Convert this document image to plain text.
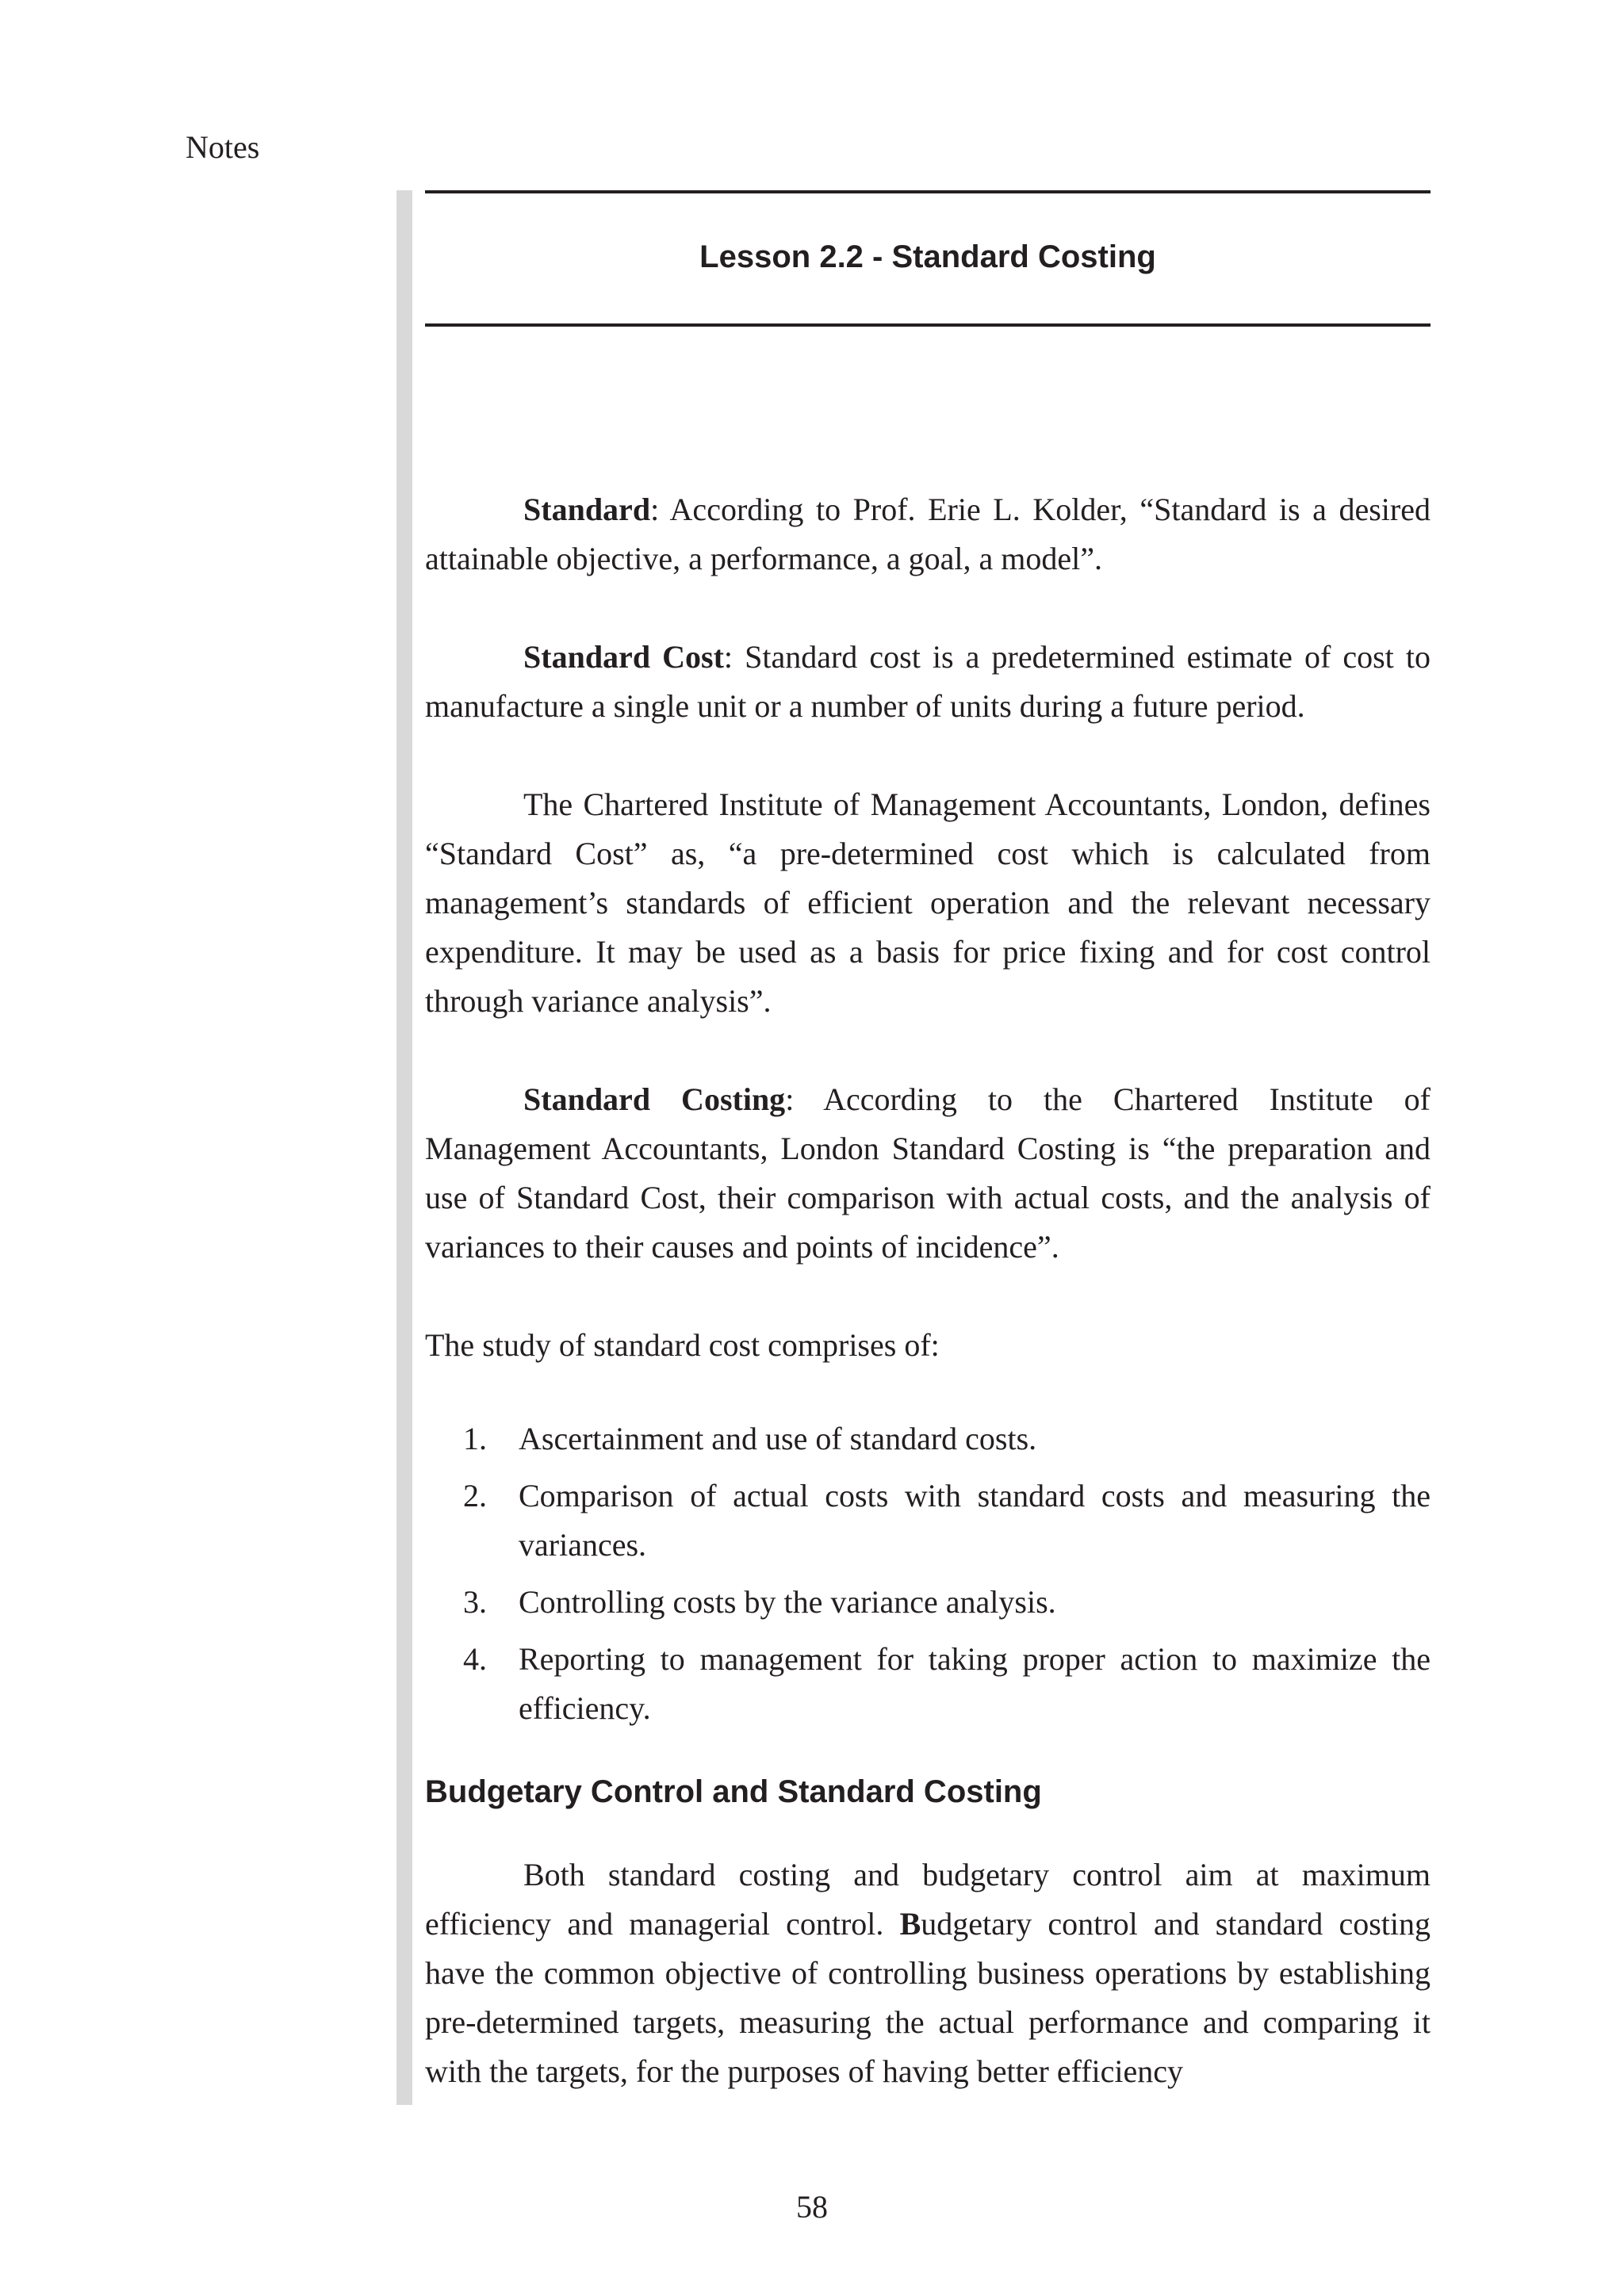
Notes
Lesson 2.2 - Standard Costing

Standard: According to Prof. Erie L. Kolder, “Standard is a desired attainable objective, a performance, a goal, a model”.

Standard Cost: Standard cost is a predetermined estimate of cost to manufacture a single unit or a number of units during a future period.

The Chartered Institute of Management Accountants, London, defines “Standard Cost” as, “a pre-determined cost which is calculated from management’s standards of efficient operation and the relevant necessary expenditure. It may be used as a basis for price fixing and for cost control through variance analysis”.

Standard Costing: According to the Chartered Institute of Management Accountants, London Standard Costing is “the preparation and use of Standard Cost, their comparison with actual costs, and the analysis of variances to their causes and points of incidence”.

The study of standard cost comprises of:

1. Ascertainment and use of standard costs.
2. Comparison of actual costs with standard costs and measuring the variances.
3. Controlling costs by the variance analysis.
4. Reporting to management for taking proper action to maximize the efficiency.
Budgetary Control and Standard Costing

Both standard costing and budgetary control aim at maximum efficiency and managerial control. Budgetary control and standard costing have the common objective of controlling business operations by establishing pre-determined targets, measuring the actual performance and comparing it with the targets, for the purposes of having better efficiency

58
